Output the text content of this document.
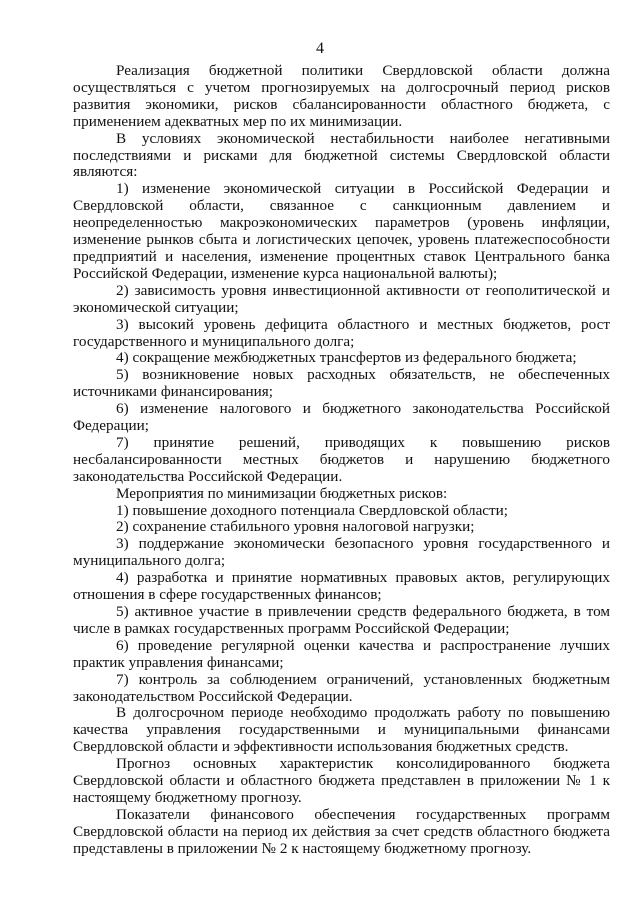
4

Реализация бюджетной политики Свердловской области должна осуществляться с учетом прогнозируемых на долгосрочный период рисков развития экономики, рисков сбалансированности областного бюджета, с применением адекватных мер по их минимизации.

В условиях экономической нестабильности наиболее негативными последствиями и рисками для бюджетной системы Свердловской области являются:

1) изменение экономической ситуации в Российской Федерации и Свердловской области, связанное с санкционным давлением и неопределенностью макроэкономических параметров (уровень инфляции, изменение рынков сбыта и логистических цепочек, уровень платежеспособности предприятий и населения, изменение процентных ставок Центрального банка Российской Федерации, изменение курса национальной валюты);

2) зависимость уровня инвестиционной активности от геополитической и экономической ситуации;

3) высокий уровень дефицита областного и местных бюджетов, рост государственного и муниципального долга;

4) сокращение межбюджетных трансфертов из федерального бюджета;

5) возникновение новых расходных обязательств, не обеспеченных источниками финансирования;

6) изменение налогового и бюджетного законодательства Российской Федерации;

7) принятие решений, приводящих к повышению рисков несбалансированности местных бюджетов и нарушению бюджетного законодательства Российской Федерации.

Мероприятия по минимизации бюджетных рисков:

1) повышение доходного потенциала Свердловской области;

2) сохранение стабильного уровня налоговой нагрузки;

3) поддержание экономически безопасного уровня государственного и муниципального долга;

4) разработка и принятие нормативных правовых актов, регулирующих отношения в сфере государственных финансов;

5) активное участие в привлечении средств федерального бюджета, в том числе в рамках государственных программ Российской Федерации;

6) проведение регулярной оценки качества и распространение лучших практик управления финансами;

7) контроль за соблюдением ограничений, установленных бюджетным законодательством Российской Федерации.

В долгосрочном периоде необходимо продолжать работу по повышению качества управления государственными и муниципальными финансами Свердловской области и эффективности использования бюджетных средств.

Прогноз основных характеристик консолидированного бюджета Свердловской области и областного бюджета представлен в приложении № 1 к настоящему бюджетному прогнозу.

Показатели финансового обеспечения государственных программ Свердловской области на период их действия за счет средств областного бюджета представлены в приложении № 2 к настоящему бюджетному прогнозу.
